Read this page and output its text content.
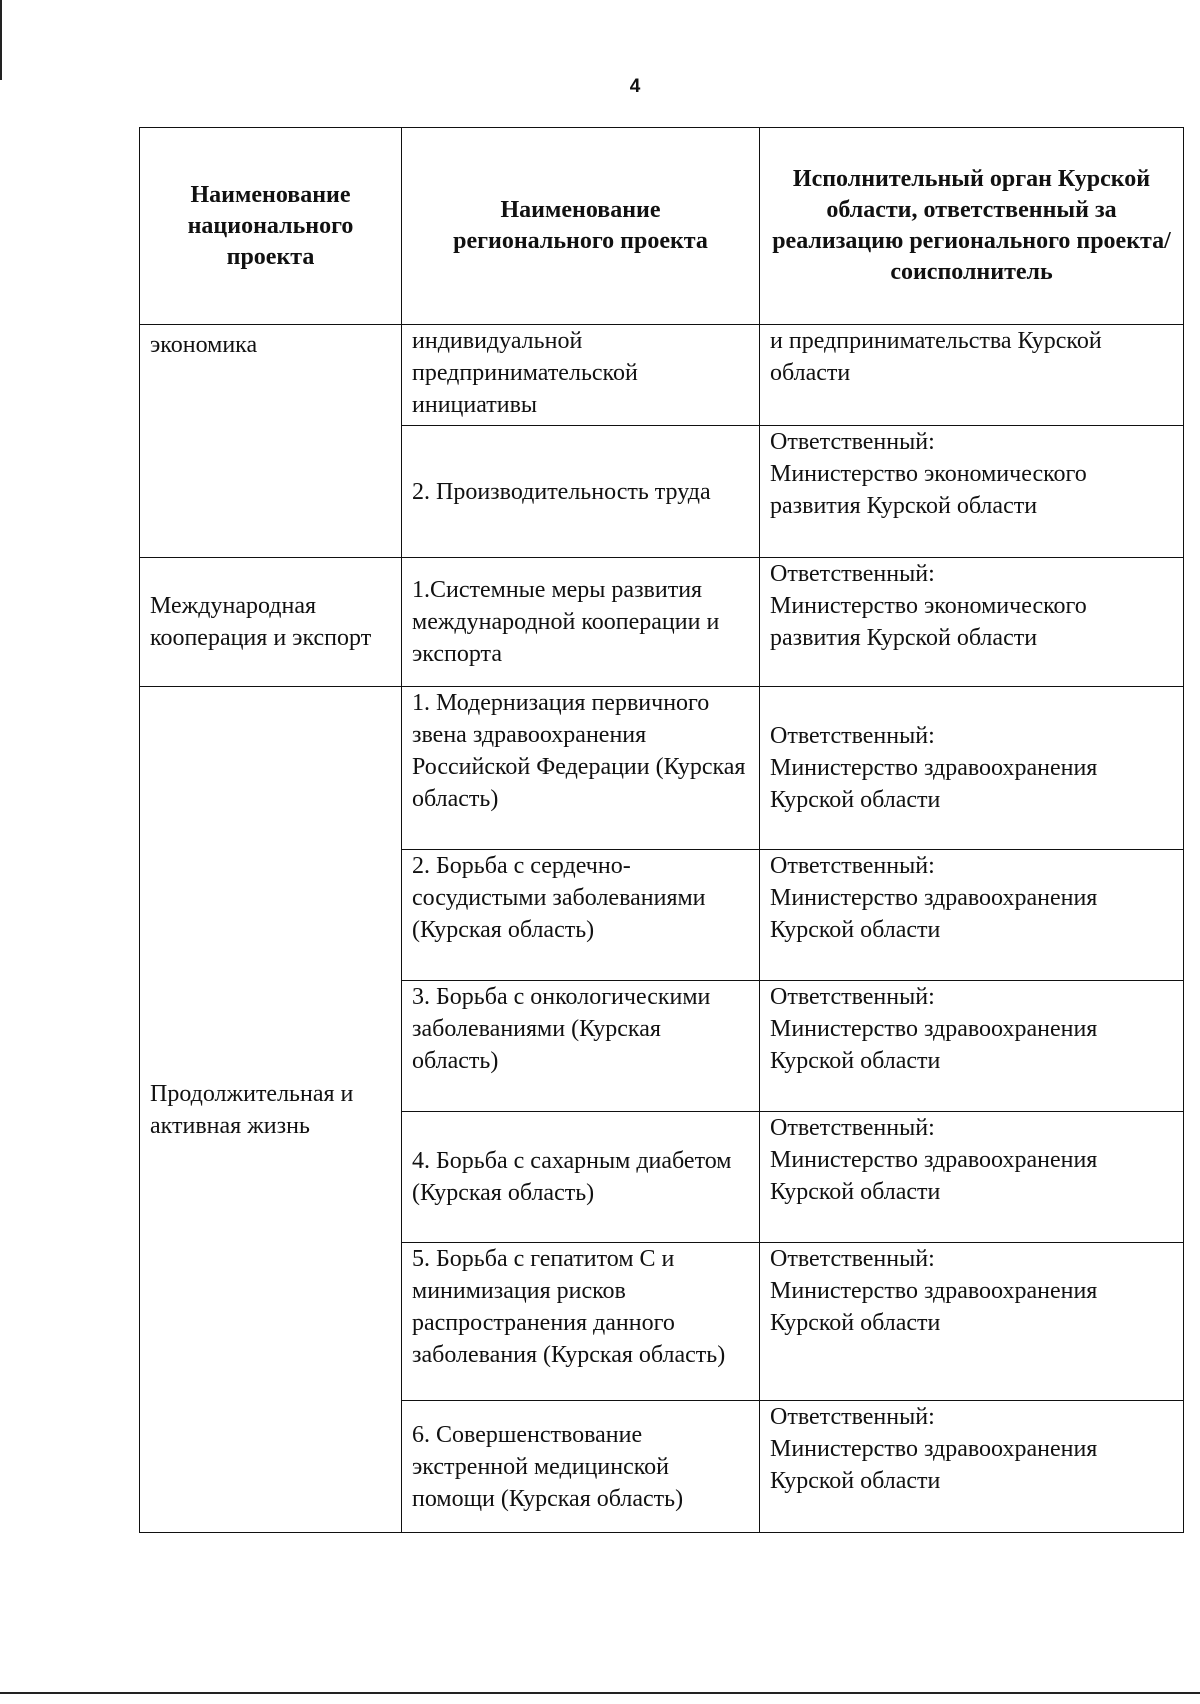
4
Наименование национального проекта	Наименование регионального проекта	Исполнительный орган Курской области, ответственный за реализацию регионального проекта/соисполнитель
экономика	индивидуальной предпринимательской инициативы	и предпринимательства Курской области
	2. Производительность труда	Ответственный:
Министерство экономического развития Курской области
Международная кооперация и экспорт	1.Системные меры развития международной кооперации и экспорта	Ответственный:
Министерство экономического развития Курской области
Продолжительная и активная жизнь	1. Модернизация первичного звена здравоохранения Российской Федерации (Курская область)	Ответственный:
Министерство здравоохранения Курской области
	2. Борьба с сердечно-сосудистыми заболеваниями (Курская область)	Ответственный:
Министерство здравоохранения Курской области
	3. Борьба с онкологическими заболеваниями (Курская область)	Ответственный:
Министерство здравоохранения Курской области
	4. Борьба с сахарным диабетом (Курская область)	Ответственный:
Министерство здравоохранения Курской области
	5. Борьба с гепатитом С и минимизация рисков распространения данного заболевания (Курская область)	Ответственный:
Министерство здравоохранения Курской области
	6. Совершенствование экстренной медицинской помощи (Курская область)	Ответственный:
Министерство здравоохранения Курской области
